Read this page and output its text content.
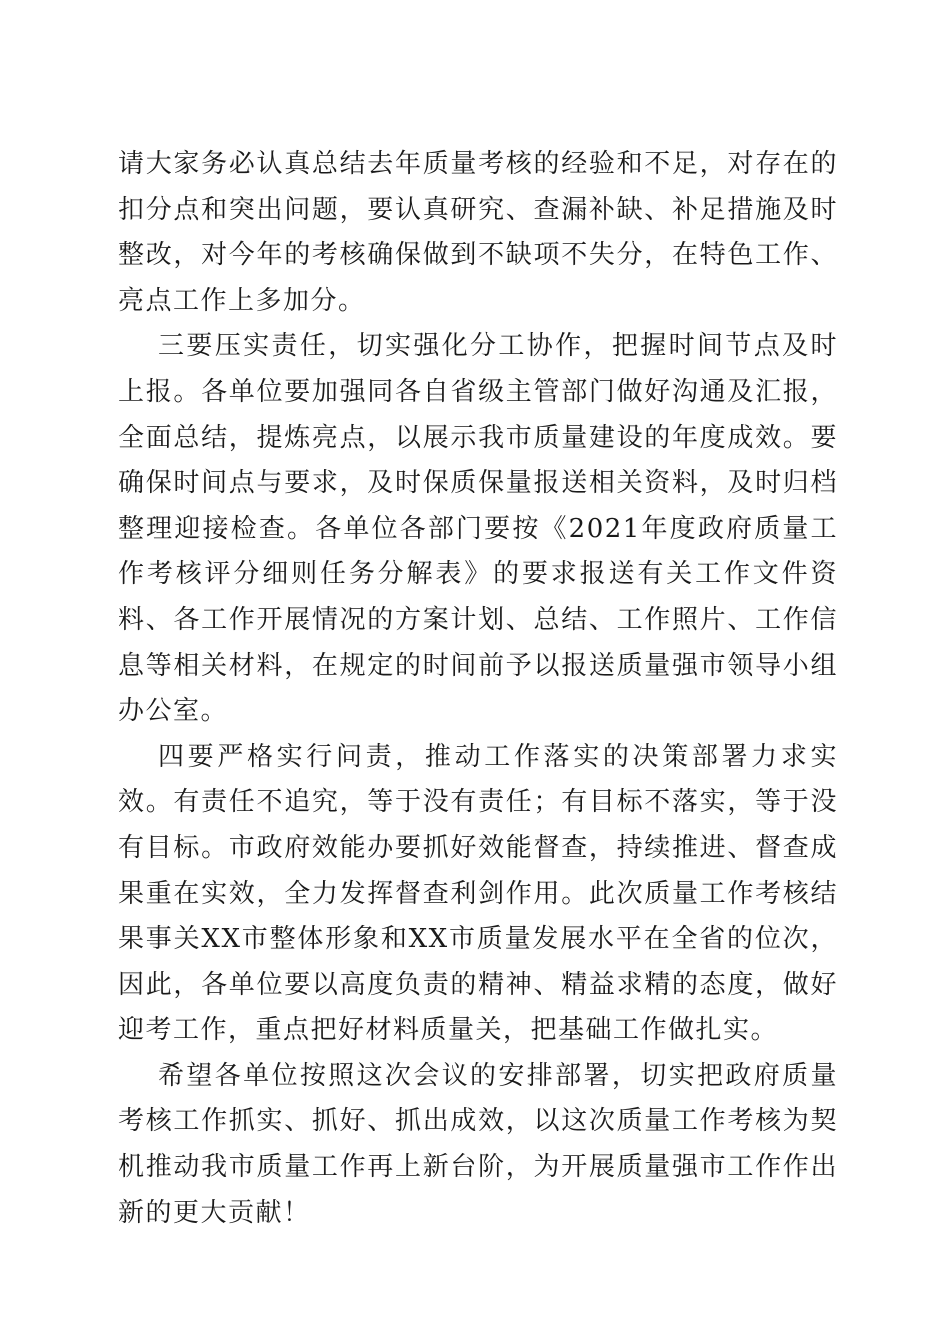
请大家务必认真总结去年质量考核的经验和不足，对存在的扣分点和突出问题，要认真研究、查漏补缺、补足措施及时整改，对今年的考核确保做到不缺项不失分，在特色工作、亮点工作上多加分。

三要压实责任，切实强化分工协作，把握时间节点及时上报。各单位要加强同各自省级主管部门做好沟通及汇报，全面总结，提炼亮点，以展示我市质量建设的年度成效。要确保时间点与要求，及时保质保量报送相关资料，及时归档整理迎接检查。各单位各部门要按《2021年度政府质量工作考核评分细则任务分解表》的要求报送有关工作文件资料、各工作开展情况的方案计划、总结、工作照片、工作信息等相关材料，在规定的时间前予以报送质量强市领导小组办公室。

四要严格实行问责，推动工作落实的决策部署力求实效。有责任不追究，等于没有责任；有目标不落实，等于没有目标。市政府效能办要抓好效能督查，持续推进、督查成果重在实效，全力发挥督查利剑作用。此次质量工作考核结果事关XX市整体形象和XX市质量发展水平在全省的位次，因此，各单位要以高度负责的精神、精益求精的态度，做好迎考工作，重点把好材料质量关，把基础工作做扎实。

希望各单位按照这次会议的安排部署，切实把政府质量考核工作抓实、抓好、抓出成效，以这次质量工作考核为契机推动我市质量工作再上新台阶，为开展质量强市工作作出新的更大贡献！
